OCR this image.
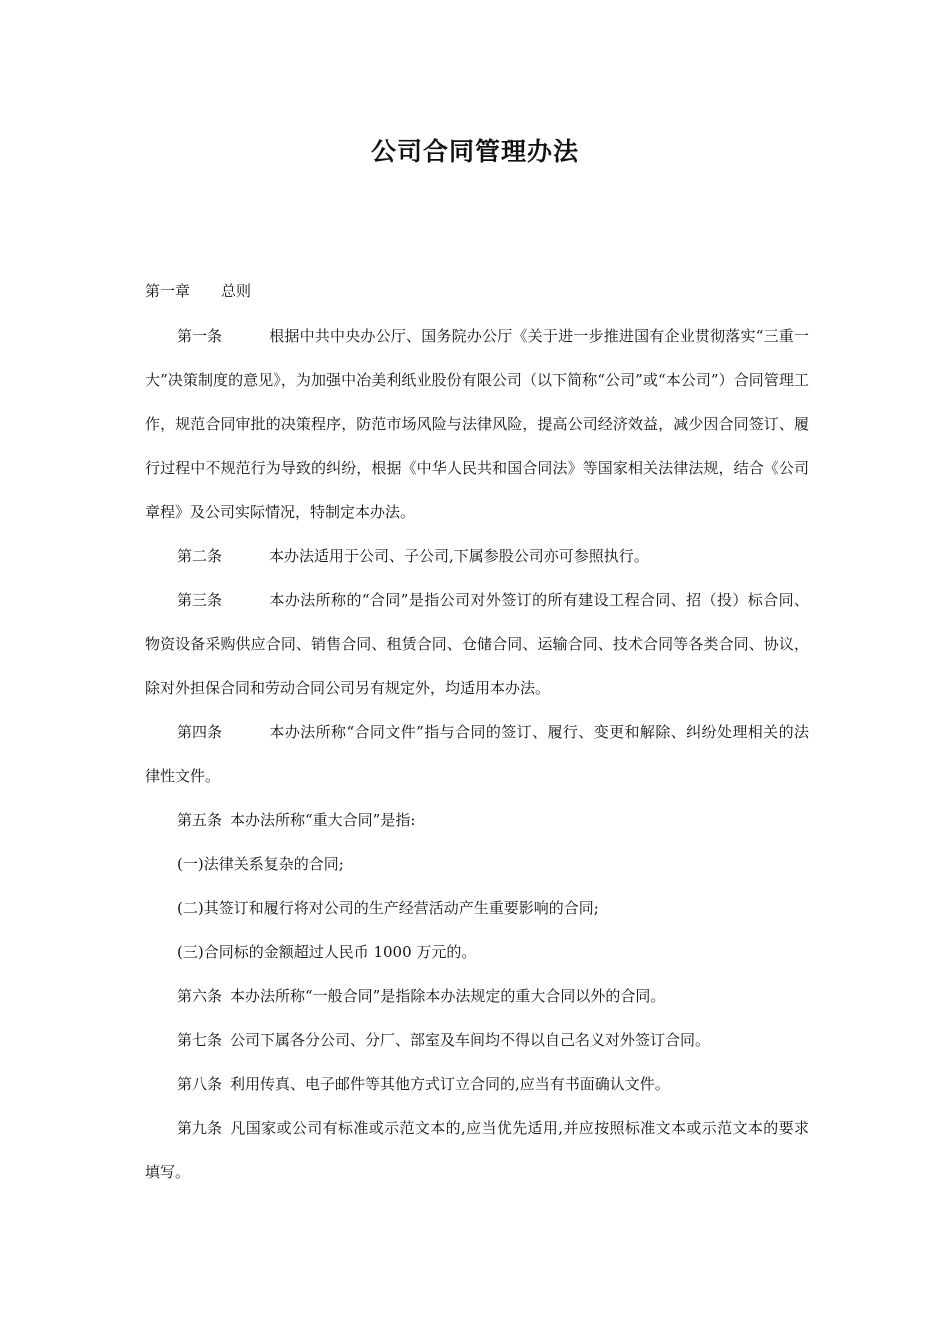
公司合同管理办法
第一章 总则

第一条	根据中共中央办公厅、国务院办公厅《关于进一步推进国有企业贯彻落实“三重一大”决策制度的意见》，为加强中冶美利纸业股份有限公司（以下简称“公司”或“本公司”）合同管理工作，规范合同审批的决策程序，防范市场风险与法律风险，提高公司经济效益，减少因合同签订、履行过程中不规范行为导致的纠纷，根据《中华人民共和国合同法》等国家相关法律法规，结合《公司章程》及公司实际情况，特制定本办法。

第二条	本办法适用于公司、子公司,下属参股公司亦可参照执行。

第三条	本办法所称的“合同”是指公司对外签订的所有建设工程合同、招（投）标合同、物资设备采购供应合同、销售合同、租赁合同、仓储合同、运输合同、技术合同等各类合同、协议，除对外担保合同和劳动合同公司另有规定外，均适用本办法。

第四条	本办法所称“合同文件”指与合同的签订、履行、变更和解除、纠纷处理相关的法律性文件。

第五条 本办法所称“重大合同”是指:

(一)法律关系复杂的合同;

(二)其签订和履行将对公司的生产经营活动产生重要影响的合同;

(三)合同标的金额超过人民币 1000 万元的。

第六条 本办法所称“一般合同”是指除本办法规定的重大合同以外的合同。

第七条 公司下属各分公司、分厂、部室及车间均不得以自己名义对外签订合同。

第八条 利用传真、电子邮件等其他方式订立合同的,应当有书面确认文件。

第九条 凡国家或公司有标准或示范文本的,应当优先适用,并应按照标准文本或示范文本的要求填写。
